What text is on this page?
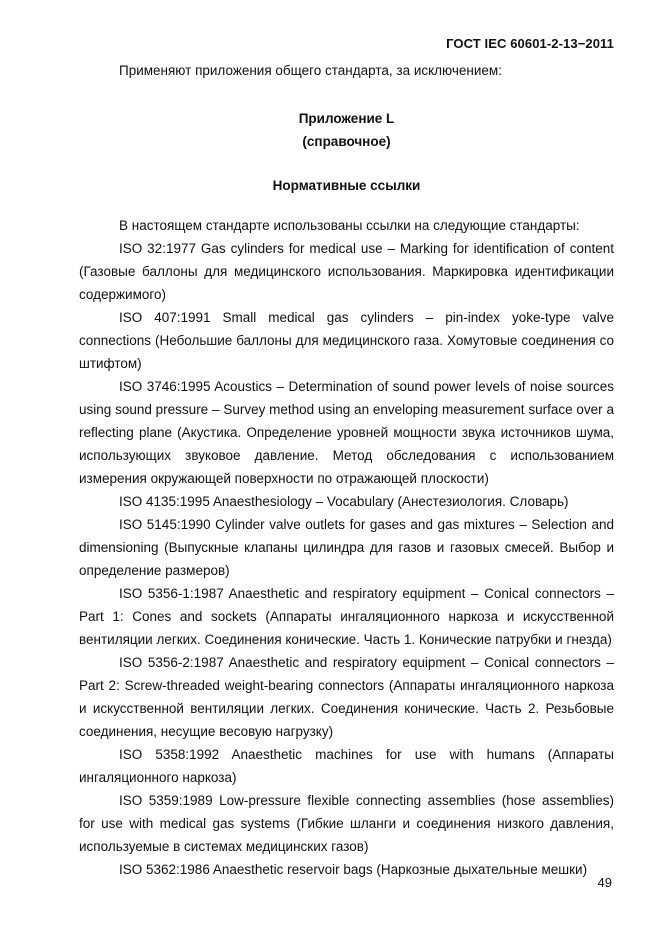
ГОСТ IEC 60601-2-13−2011
Применяют приложения общего стандарта, за исключением:
Приложение L
(справочное)
Нормативные ссылки

В настоящем стандарте использованы ссылки на следующие стандарты:

ISO 32:1977 Gas cylinders for medical use – Marking for identification of content (Газовые баллоны для медицинского использования. Маркировка идентификации содержимого)

ISO 407:1991 Small medical gas cylinders – pin-index yoke-type valve connections (Небольшие баллоны для медицинского газа. Хомутовые соединения со штифтом)

ISO 3746:1995 Acoustics – Determination of sound power levels of noise sources using sound pressure – Survey method using an enveloping measurement surface over a reflecting plane (Акустика. Определение уровней мощности звука источников шума, использующих звуковое давление. Метод обследования с использованием измерения окружающей поверхности по отражающей плоскости)

ISO 4135:1995 Anaesthesiology – Vocabulary (Анестезиология. Словарь)

ISO 5145:1990 Cylinder valve outlets for gases and gas mixtures – Selection and dimensioning (Выпускные клапаны цилиндра для газов и газовых смесей. Выбор и определение размеров)

ISO 5356-1:1987 Anaesthetic and respiratory equipment – Conical connectors – Part 1: Cones and sockets (Аппараты ингаляционного наркоза и искусственной вентиляции легких. Соединения конические. Часть 1. Конические патрубки и гнезда)

ISO 5356-2:1987 Anaesthetic and respiratory equipment – Conical connectors – Part 2: Screw-threaded weight-bearing connectors (Аппараты ингаляционного наркоза и искусственной вентиляции легких. Соединения конические. Часть 2. Резьбовые соединения, несущие весовую нагрузку)

ISO 5358:1992 Anaesthetic machines for use with humans (Аппараты ингаляционного наркоза)

ISO 5359:1989 Low-pressure flexible connecting assemblies (hose assemblies) for use with medical gas systems (Гибкие шланги и соединения низкого давления, используемые в системах медицинских газов)

ISO 5362:1986 Anaesthetic reservoir bags (Наркозные дыхательные мешки)

49
